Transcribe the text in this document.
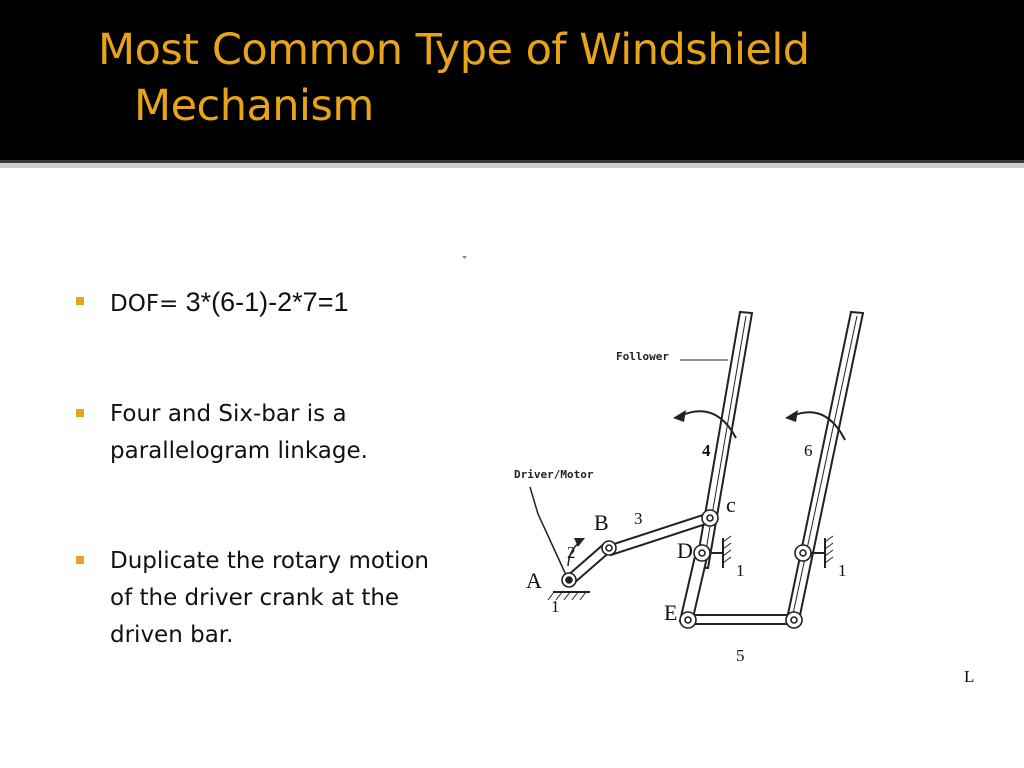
Most Common Type of Windshield
Mechanism
DOF= 3*(6-1)-2*7=1
Four and Six-bar is a parallelogram linkage.
Duplicate the rotary motion of the driver crank at the driven bar.
Follower
Driver/Motor
A
B
c
D
E
1
2
3
4
5
6
1	1
L
